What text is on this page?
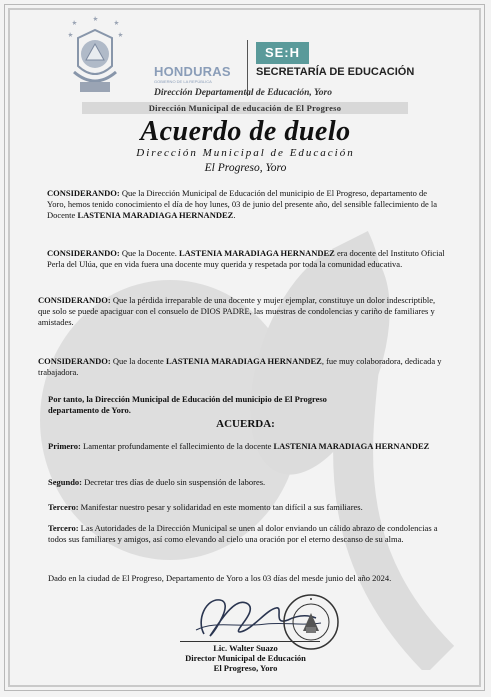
HONDURAS
GOBIERNO DE LA REPÚBLICA
SE:H
SECRETARÍA DE EDUCACIÓN
Dirección Departamental de Educación, Yoro
Dirección Municipal de educación de El Progreso
Acuerdo de duelo
Dirección Municipal de Educación
El Progreso, Yoro
CONSIDERANDO: Que la Dirección Municipal de Educación del municipio de El Progreso, departamento de Yoro, hemos tenido conocimiento el día de hoy lunes, 03 de junio del presente año, del sensible fallecimiento de la Docente LASTENIA MARADIAGA HERNANDEZ.
CONSIDERANDO: Que la Docente. LASTENIA MARADIAGA HERNANDEZ era docente del Instituto Oficial Perla del Ulúa, que en vida fuera una docente muy querida y respetada por toda la comunidad educativa.
CONSIDERANDO: Que la pérdida irreparable de una docente y mujer ejemplar, constituye un dolor indescriptible, que solo se puede apaciguar con el consuelo de DIOS PADRE, las muestras de condolencias y cariño de familiares y amistades.
CONSIDERANDO: Que la docente LASTENIA MARADIAGA HERNANDEZ, fue muy colaboradora, dedicada y trabajadora.
Por tanto, la Dirección Municipal de Educación del municipio de El Progreso departamento de Yoro.
ACUERDA:
Primero: Lamentar profundamente el fallecimiento de la docente LASTENIA MARADIAGA HERNANDEZ
Segundo: Decretar tres días de duelo sin suspensión de labores.
Tercero: Manifestar nuestro pesar y solidaridad en este momento tan difícil a sus familiares.
Tercero: Las Autoridades de la Dirección Municipal se unen al dolor enviando un cálido abrazo de condolencias a todos sus familiares y amigos, así como elevando al cielo una oración por el eterno descanso de su alma.
Dado en la ciudad de El Progreso, Departamento de Yoro a los 03 días del mesde junio del año 2024.
Lic. Walter Suazo
Director Municipal de Educación
El Progreso, Yoro
